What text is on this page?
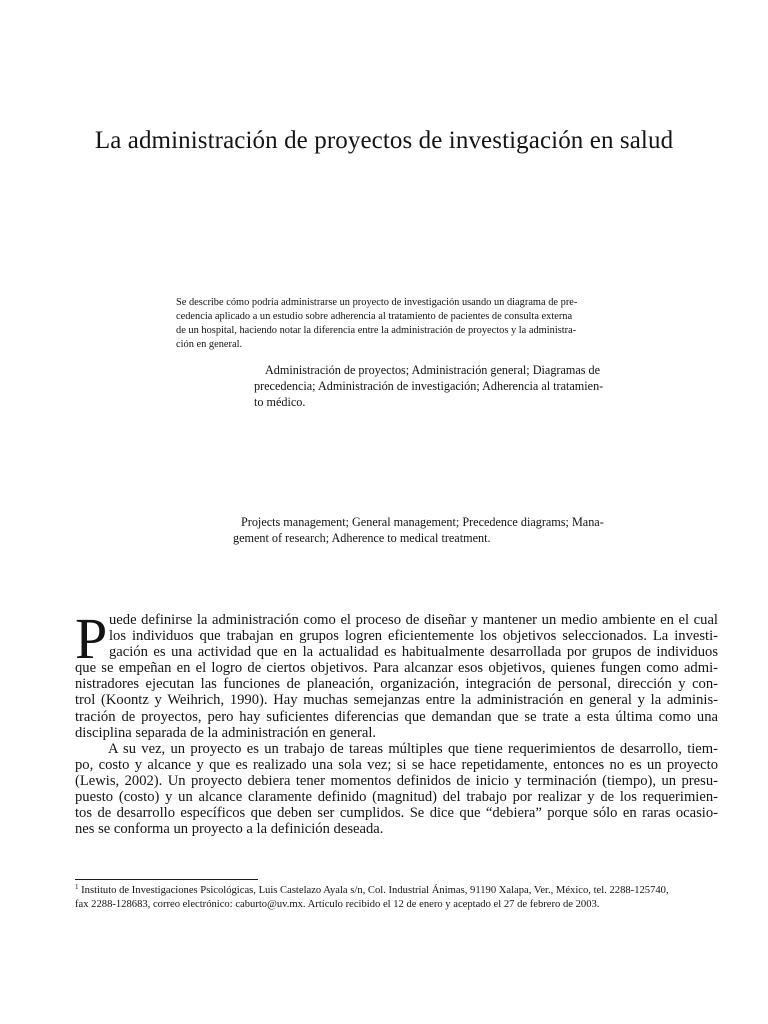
La administración de proyectos de investigación en salud
Se describe cómo podría administrarse un proyecto de investigación usando un diagrama de pre-
cedencia aplicado a un estudio sobre adherencia al tratamiento de pacientes de consulta externa
de un hospital, haciendo notar la diferencia entre la administración de proyectos y la administra-
ción en general.
Administración de proyectos; Administración general; Diagramas de
precedencia; Administración de investigación; Adherencia al tratamien-
to médico.
Projects management; General management; Precedence diagrams; Mana-
gement of research; Adherence to medical treatment.
P uede definirse la administración como el proceso de diseñar y mantener un medio ambiente en el cual
los individuos que trabajan en grupos logren eficientemente los objetivos seleccionados. La investi-
gación es una actividad que en la actualidad es habitualmente desarrollada por grupos de individuos
que se empeñan en el logro de ciertos objetivos. Para alcanzar esos objetivos, quienes fungen como admi-
nistradores ejecutan las funciones de planeación, organización, integración de personal, dirección y con-
trol (Koontz y Weihrich, 1990). Hay muchas semejanzas entre la administración en general y la adminis-
tración de proyectos, pero hay suficientes diferencias que demandan que se trate a esta última como una
disciplina separada de la administración en general.
A su vez, un proyecto es un trabajo de tareas múltiples que tiene requerimientos de desarrollo, tiem-
po, costo y alcance y que es realizado una sola vez; si se hace repetidamente, entonces no es un proyecto
(Lewis, 2002). Un proyecto debiera tener momentos definidos de inicio y terminación (tiempo), un presu-
puesto (costo) y un alcance claramente definido (magnitud) del trabajo por realizar y de los requerimien-
tos de desarrollo específicos que deben ser cumplidos. Se dice que “debiera” porque sólo en raras ocasio-
nes se conforma un proyecto a la definición deseada.
$^1$ Instituto de Investigaciones Psicológicas, Luis Castelazo Ayala s/n, Col. Industrial Ánimas, 91190 Xalapa, Ver., México, tel. 2288-125740,
fax 2288-128683, correo electrónico: caburto@uv.mx. Artículo recibido el 12 de enero y aceptado el 27 de febrero de 2003.
